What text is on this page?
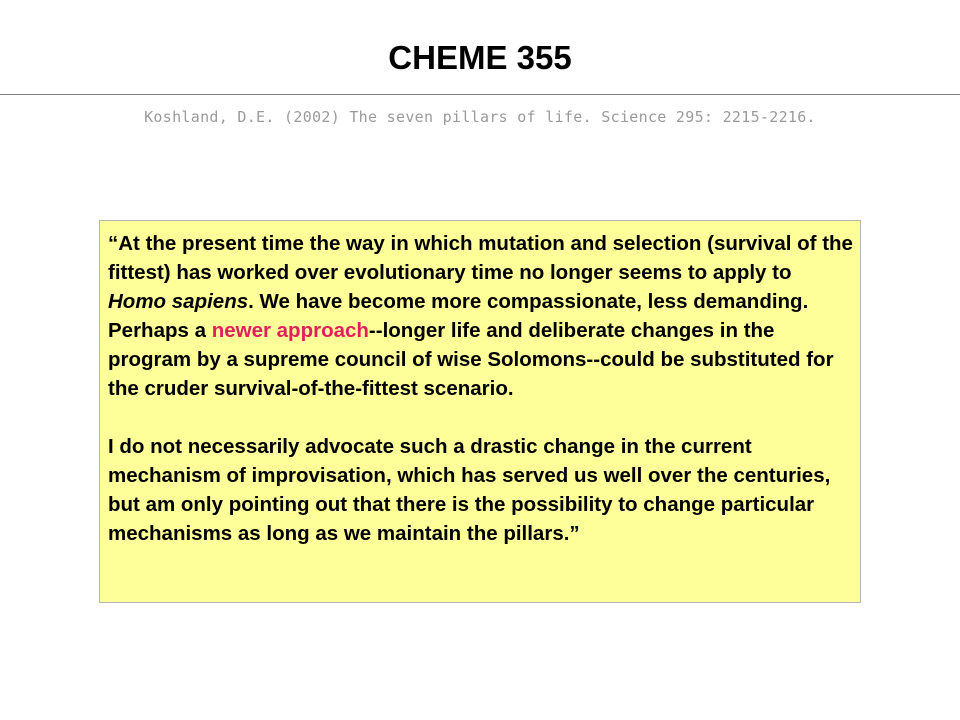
CHEME 355
Koshland, D.E. (2002) The seven pillars of life. Science 295: 2215-2216.

“At the present time the way in which mutation and selection (survival of the fittest) has worked over evolutionary time no longer seems to apply to Homo sapiens. We have become more compassionate, less demanding. Perhaps a newer approach--longer life and deliberate changes in the program by a supreme council of wise Solomons--could be substituted for the cruder survival-of-the-fittest scenario.

I do not necessarily advocate such a drastic change in the current mechanism of improvisation, which has served us well over the centuries, but am only pointing out that there is the possibility to change particular mechanisms as long as we maintain the pillars.”
